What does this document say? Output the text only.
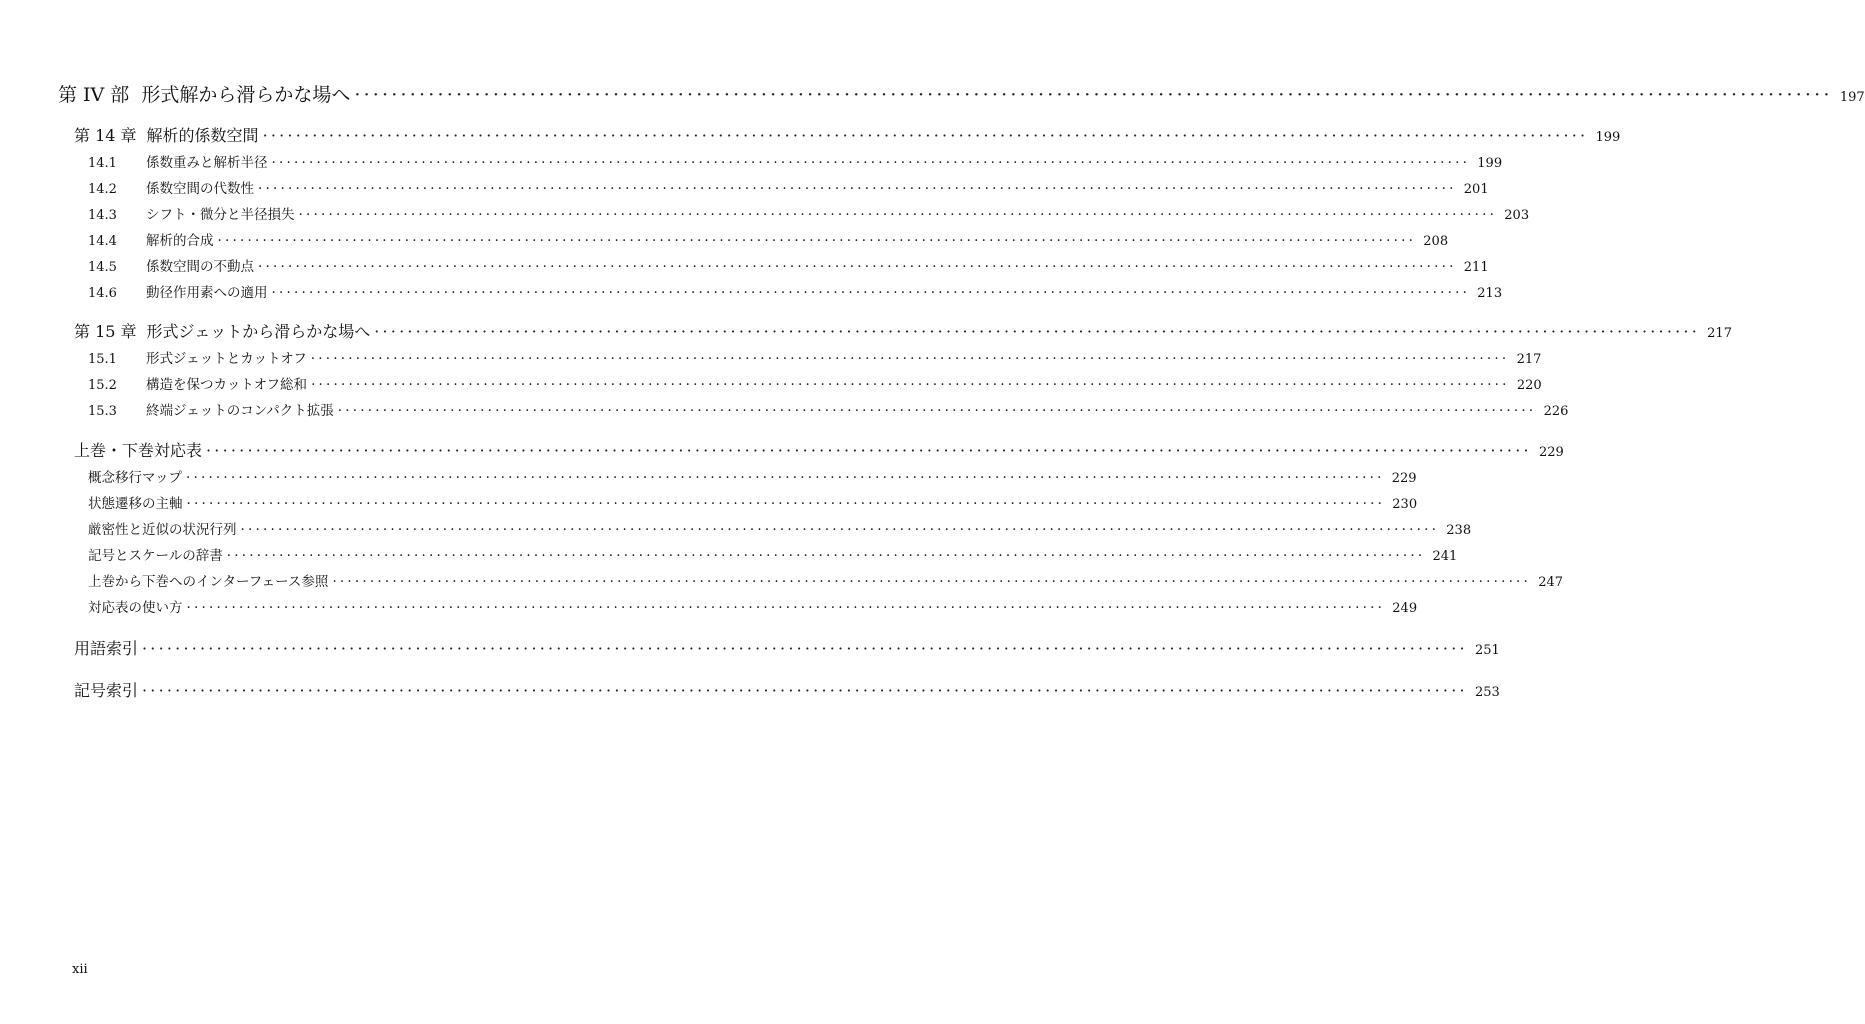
第 IV 部 形式解から滑らかな場へ ································································································································································ 197
第 14 章 解析的係数空間 ································································································································································ 199
14.1	係数重みと解析半径 ································································································································································ 199
14.2	係数空間の代数性 ································································································································································ 201
14.3	シフト・微分と半径損失 ································································································································································ 203
14.4	解析的合成 ································································································································································ 208
14.5	係数空間の不動点 ································································································································································ 211
14.6	動径作用素への適用 ································································································································································ 213
第 15 章 形式ジェットから滑らかな場へ ································································································································································ 217
15.1	形式ジェットとカットオフ ································································································································································ 217
15.2	構造を保つカットオフ総和 ································································································································································ 220
15.3	終端ジェットのコンパクト拡張 ································································································································································ 226
上巻・下巻対応表 ································································································································································ 229
概念移行マップ ································································································································································ 229
状態遷移の主軸 ································································································································································ 230
厳密性と近似の状況行列 ································································································································································ 238
記号とスケールの辞書 ································································································································································ 241
上巻から下巻へのインターフェース参照 ································································································································································ 247
対応表の使い方 ································································································································································ 249
用語索引 ································································································································································ 251
記号索引 ································································································································································ 253
xii
